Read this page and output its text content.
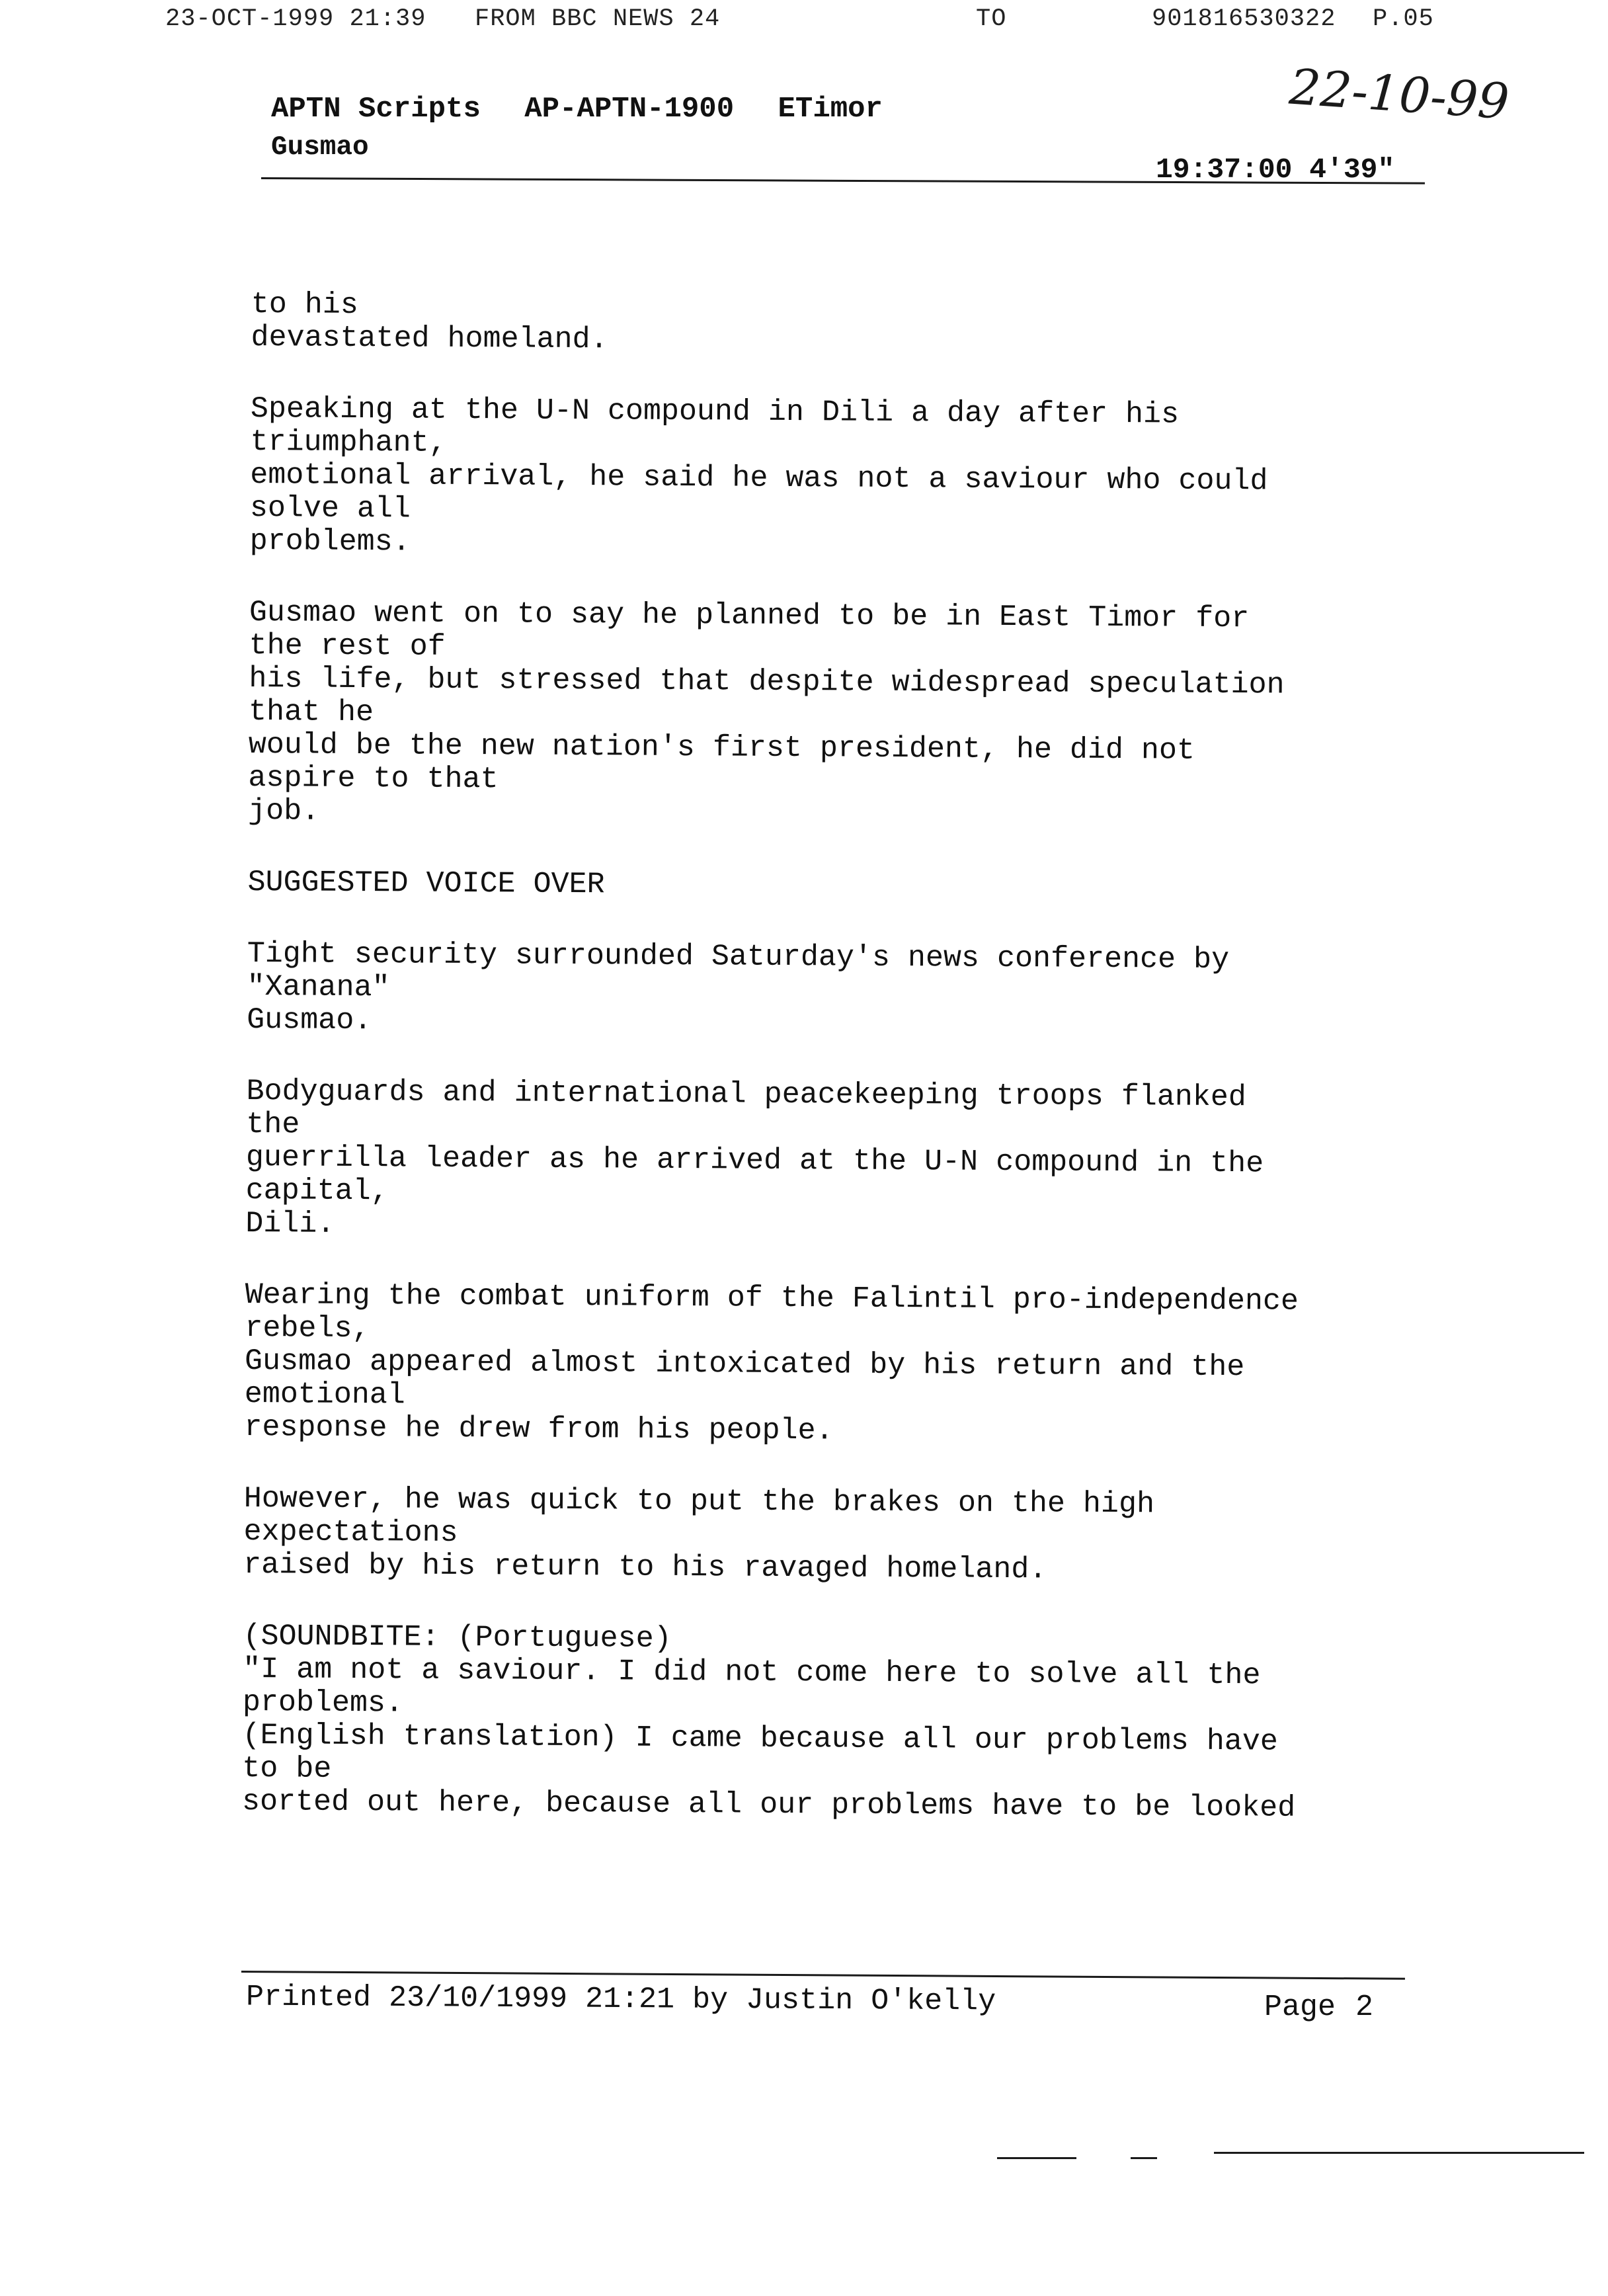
23-OCT-1999 21:39 FROM BBC NEWS 24	TO	901816530322 P.05
22-10-99
APTN Scripts AP-APTN-1900 ETimor
Gusmao
19:37:00 4'39"
to his
devastated homeland.
Speaking at the U-N compound in Dili a day after his
triumphant,
emotional arrival, he said he was not a saviour who could
solve all
problems.
Gusmao went on to say he planned to be in East Timor for
the rest of
his life, but stressed that despite widespread speculation
that he
would be the new nation's first president, he did not
aspire to that
job.
SUGGESTED VOICE OVER
Tight security surrounded Saturday's news conference by
"Xanana"
Gusmao.
Bodyguards and international peacekeeping troops flanked
the
guerrilla leader as he arrived at the U-N compound in the
capital,
Dili.
Wearing the combat uniform of the Falintil pro-independence
rebels,
Gusmao appeared almost intoxicated by his return and the
emotional
response he drew from his people.
However, he was quick to put the brakes on the high
expectations
raised by his return to his ravaged homeland.
(SOUNDBITE: (Portuguese)
"I am not a saviour. I did not come here to solve all the
problems.
(English translation) I came because all our problems have
to be
sorted out here, because all our problems have to be looked
Printed 23/10/1999 21:21 by Justin O'kelly	Page 2
